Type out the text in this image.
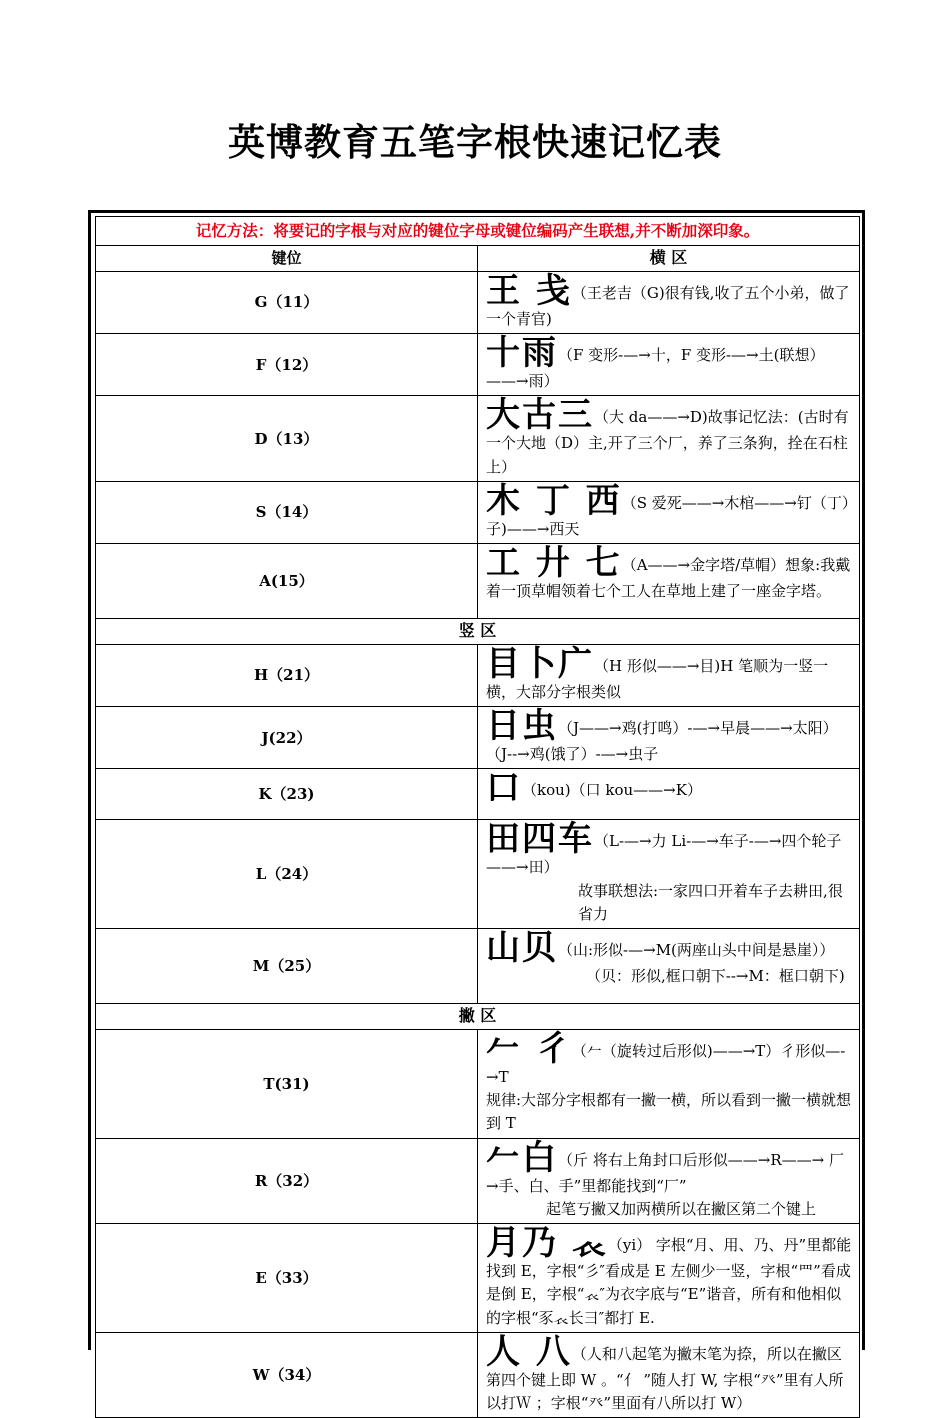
英博教育五笔字根快速记忆表
记忆方法：将要记的字根与对应的键位字母或键位编码产生联想,并不断加深印象。	
键位	横 区
G（11）	王 戋（王老吉（G)很有钱,收了五个小弟，做了一个青官)
F（12）	十雨（F 变形-—→十，F 变形-—→土(联想）——→雨）
D（13）	大古三（大 da——→D)故事记忆法：(古时有一个大地（D）主,开了三个厂，养了三条狗，拴在石柱上）
S（14）	木 丁 西（S 爱死——→木棺——→钉（丁）子)——→西天
A(15）	工 廾 七（A——→金字塔/草帽）想象:我戴着一顶草帽领着七个工人在草地上建了一座金字塔。
竖 区	
H（21）	目卜广（H 形似——→目)H 笔顺为一竖一横，大部分字根类似
J(22）	日虫（J——→鸡(打鸣）-—→早晨——→太阳）（J--→鸡(饿了）-—→虫子
K（23)	口（kou)（口 kou——→K）
L（24）	田四车（L-—→力 Li-—→车子-—→四个轮子——→田）
故事联想法:一家四口开着车子去耕田,很省力

M（25）	山贝（山:形似-—→M(两座山头中间是悬崖））
（贝：形似,框口朝下--→M：框口朝下)

撇 区	
T(31)	𠂉 彳（𠂉（旋转过后形似)——→T）彳形似—-→T
规律:大部分字根都有一撇一横，所以看到一撇一横就想到 T

R（32）	𠂉白（斤 将右上角封口后形似——→R——→ 厂→手、白、手”里都能找到“厂”
起笔丂撇又加两横所以在撇区第二个键上

E（33）	月乃 𧘇（yi） 字根“月、用、乃、丹”里都能找到 E，字根“彡″看成是 E 左侧少一竖，字根“罒”看成是倒 E，字根“𧘇″为衣字底与“E”谐音，所有和他相似的字根“豕𧘇长⺕″都打 E.
W（34）	人 八（人和八起笔为撇末笔为捺，所以在撇区第四个键上即 W 。“亻 ”随人打 W, 字根“癶”里有人所以打Ｗ ；字根“癶”里面有八所以打 W）
